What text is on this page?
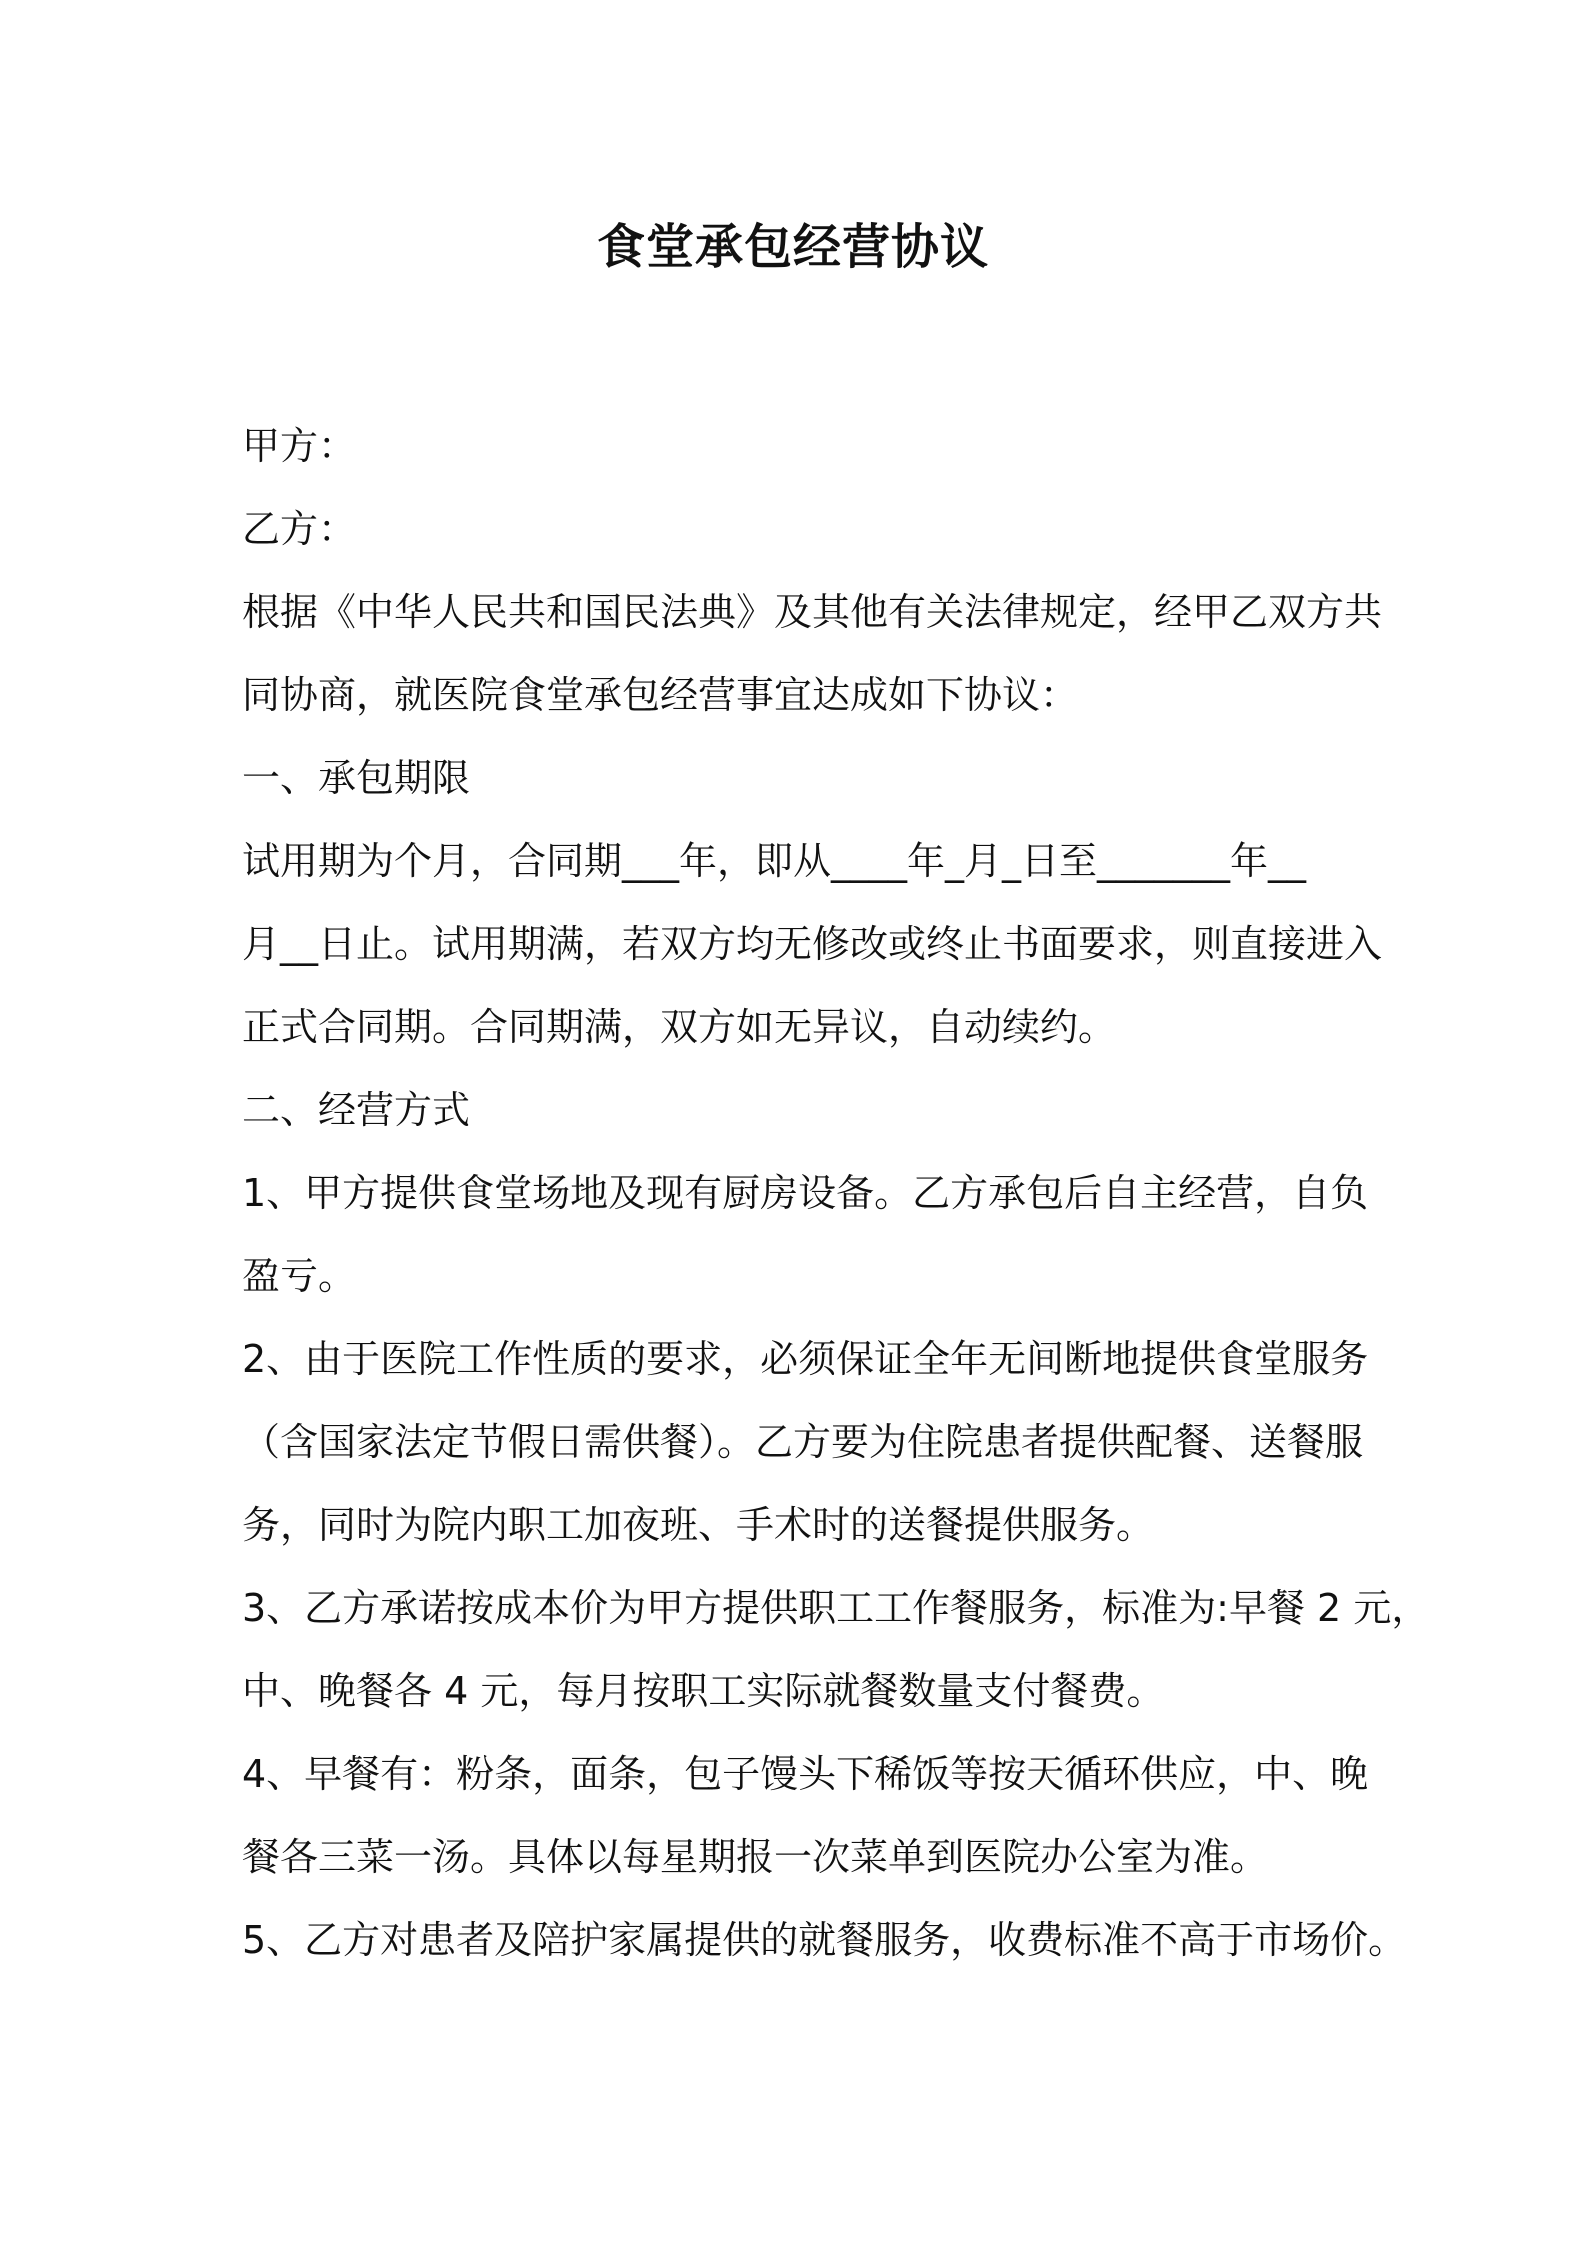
食堂承包经营协议

甲方：

乙方：

根据《中华人民共和国民法典》及其他有关法律规定，经甲乙双方共
同协商，就医院食堂承包经营事宜达成如下协议：

一、承包期限

试用期为个月，合同期___年，即从____年_月_日至_______年__
月__日止。试用期满，若双方均无修改或终止书面要求，则直接进入
正式合同期。合同期满，双方如无异议，自动续约。

二、经营方式

1、甲方提供食堂场地及现有厨房设备。乙方承包后自主经营，自负
盈亏。

2、由于医院工作性质的要求，必须保证全年无间断地提供食堂服务
（含国家法定节假日需供餐）。乙方要为住院患者提供配餐、送餐服
务，同时为院内职工加夜班、手术时的送餐提供服务。

3、乙方承诺按成本价为甲方提供职工工作餐服务，标准为:早餐 2 元，
中、晚餐各 4 元，每月按职工实际就餐数量支付餐费。

4、早餐有：粉条，面条，包子馒头下稀饭等按天循环供应，中、晚
餐各三菜一汤。具体以每星期报一次菜单到医院办公室为准。

5、乙方对患者及陪护家属提供的就餐服务，收费标准不高于市场价。
